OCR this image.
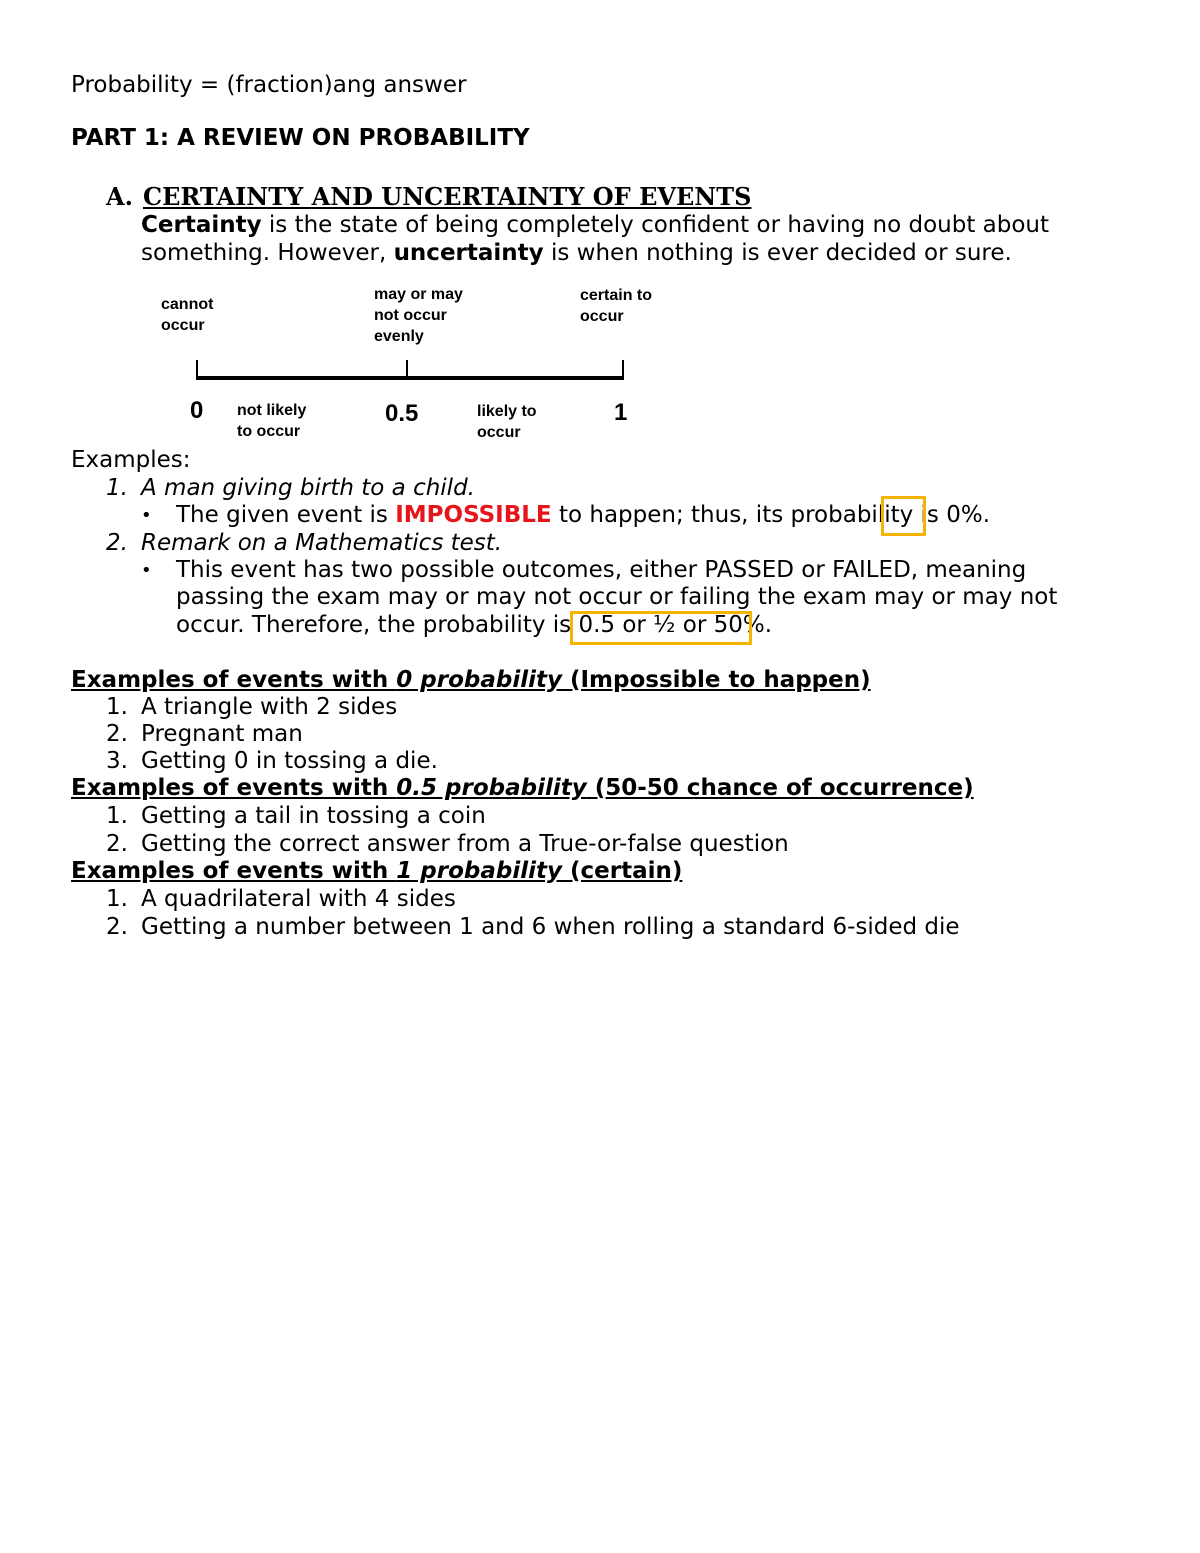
Probability = (fraction)ang answer
PART 1: A REVIEW ON PROBABILITY
A. CERTAINTY AND UNCERTAINTY OF EVENTS
Certainty is the state of being completely confident or having no doubt about
something. However, uncertainty is when nothing is ever decided or sure.
cannot
occur
may or may
not occur
evenly
certain to
occur
0	0.5	1
not likely
to occur
likely to
occur
Examples:
1. A man giving birth to a child.
• The given event is IMPOSSIBLE to happen; thus, its probability is 0%.
2. Remark on a Mathematics test.
• This event has two possible outcomes, either PASSED or FAILED, meaning
passing the exam may or may not occur or failing the exam may or may not
occur. Therefore, the probability is 0.5 or ½ or 50%.
Examples of events with 0 probability (Impossible to happen)
1. A triangle with 2 sides
2. Pregnant man
3. Getting 0 in tossing a die.
Examples of events with 0.5 probability (50-50 chance of occurrence)
1. Getting a tail in tossing a coin
2. Getting the correct answer from a True-or-false question
Examples of events with 1 probability (certain)
1. A quadrilateral with 4 sides
2. Getting a number between 1 and 6 when rolling a standard 6-sided die
